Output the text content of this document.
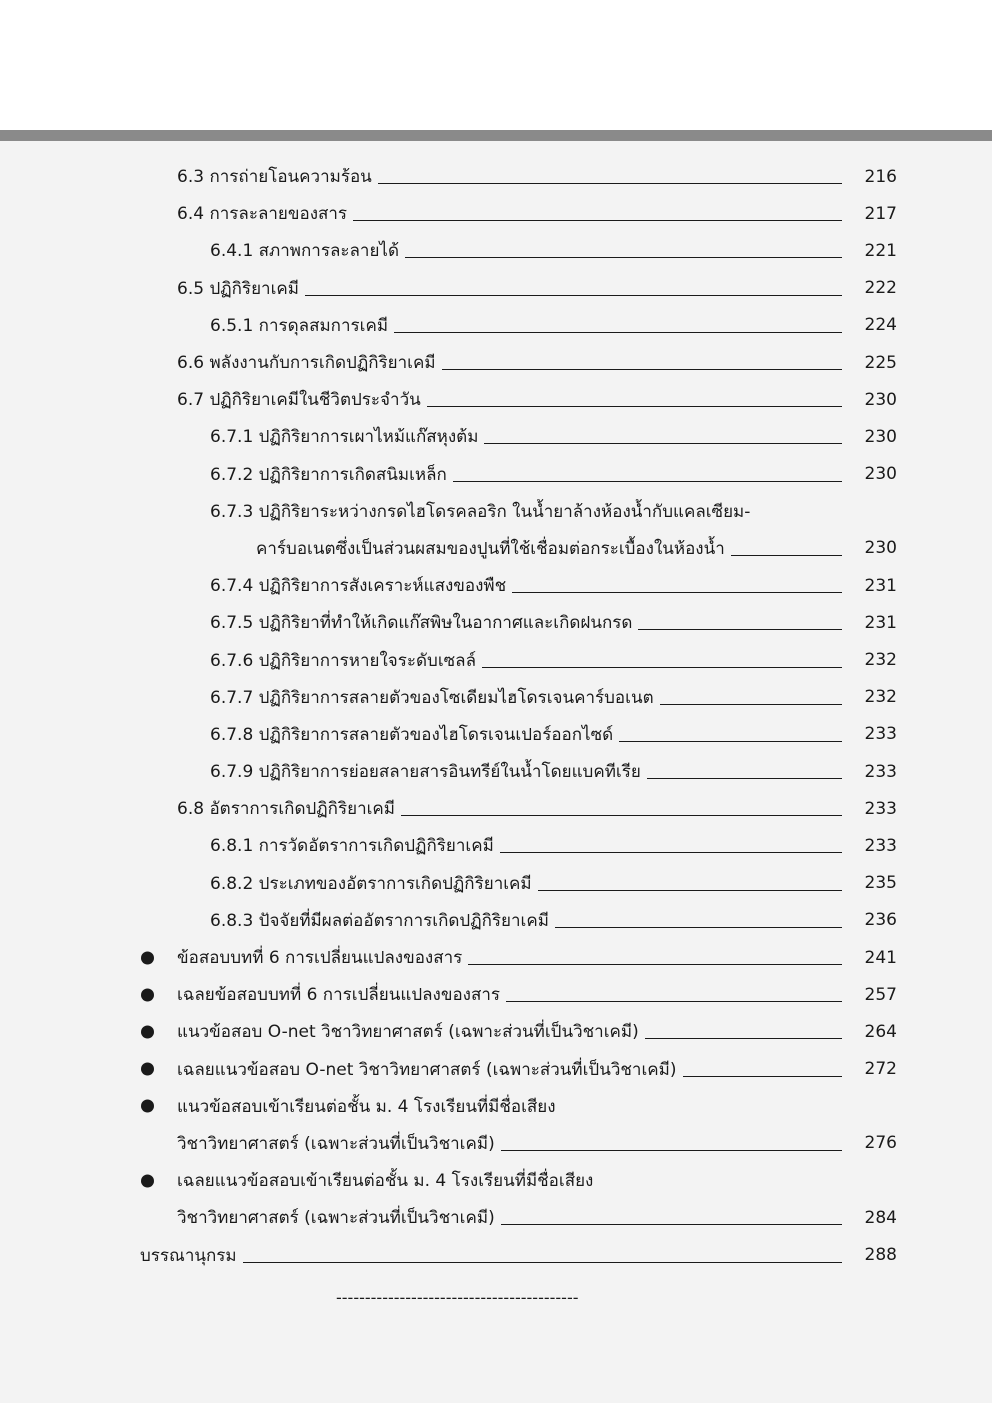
6.3 การถ่ายโอนความร้อน	216
6.4 การละลายของสาร	217
6.4.1 สภาพการละลายได้	221
6.5 ปฏิกิริยาเคมี	222
6.5.1 การดุลสมการเคมี	224
6.6 พลังงานกับการเกิดปฏิกิริยาเคมี	225
6.7 ปฏิกิริยาเคมีในชีวิตประจำวัน	230
6.7.1 ปฏิกิริยาการเผาไหม้แก๊สหุงต้ม	230
6.7.2 ปฏิกิริยาการเกิดสนิมเหล็ก	230
6.7.3 ปฏิกิริยาระหว่างกรดไฮโดรคลอริก ในน้ำยาล้างห้องน้ำกับแคลเซียม-
คาร์บอเนตซึ่งเป็นส่วนผสมของปูนที่ใช้เชื่อมต่อกระเบื้องในห้องน้ำ	230
6.7.4 ปฏิกิริยาการสังเคราะห์แสงของพืช	231
6.7.5 ปฏิกิริยาที่ทำให้เกิดแก๊สพิษในอากาศและเกิดฝนกรด	231
6.7.6 ปฏิกิริยาการหายใจระดับเซลล์	232
6.7.7 ปฏิกิริยาการสลายตัวของโซเดียมไฮโดรเจนคาร์บอเนต	232
6.7.8 ปฏิกิริยาการสลายตัวของไฮโดรเจนเปอร์ออกไซด์	233
6.7.9 ปฏิกิริยาการย่อยสลายสารอินทรีย์ในน้ำโดยแบคทีเรีย	233
6.8 อัตราการเกิดปฏิกิริยาเคมี	233
6.8.1 การวัดอัตราการเกิดปฏิกิริยาเคมี	233
6.8.2 ประเภทของอัตราการเกิดปฏิกิริยาเคมี	235
6.8.3 ปัจจัยที่มีผลต่ออัตราการเกิดปฏิกิริยาเคมี	236
ข้อสอบบทที่ 6 การเปลี่ยนแปลงของสาร	241
เฉลยข้อสอบบทที่ 6 การเปลี่ยนแปลงของสาร	257
แนวข้อสอบ O-net วิชาวิทยาศาสตร์ (เฉพาะส่วนที่เป็นวิชาเคมี)	264
เฉลยแนวข้อสอบ O-net วิชาวิทยาศาสตร์ (เฉพาะส่วนที่เป็นวิชาเคมี)	272
แนวข้อสอบเข้าเรียนต่อชั้น ม. 4 โรงเรียนที่มีชื่อเสียง
วิชาวิทยาศาสตร์ (เฉพาะส่วนที่เป็นวิชาเคมี)	276
เฉลยแนวข้อสอบเข้าเรียนต่อชั้น ม. 4 โรงเรียนที่มีชื่อเสียง
วิชาวิทยาศาสตร์ (เฉพาะส่วนที่เป็นวิชาเคมี)	284
บรรณานุกรม	288
------------------------------------------
